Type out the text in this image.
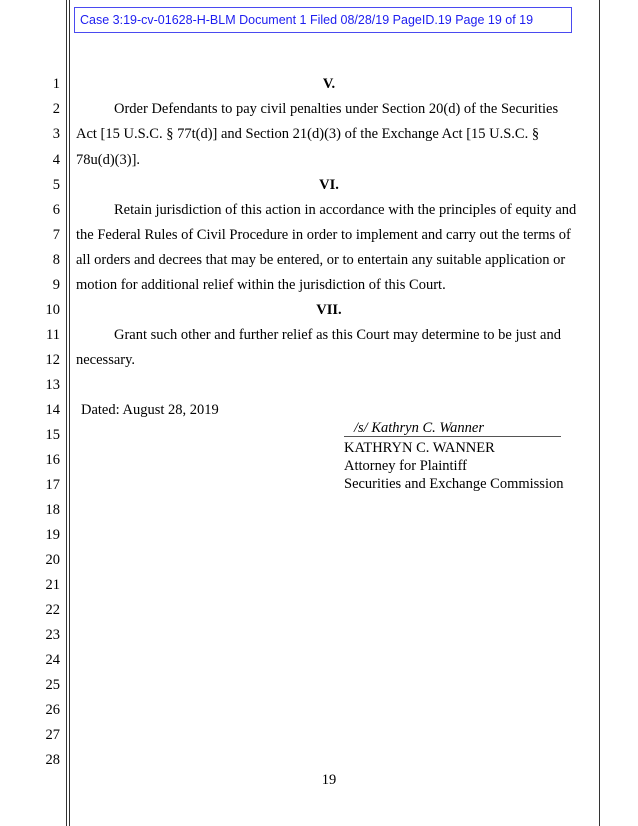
Case 3:19-cv-01628-H-BLM Document 1 Filed 08/28/19 PageID.19 Page 19 of 19
1
2
3
4
5
6
7
8
9
10
11
12
13
14
15
16
17
18
19
20
21
22
23
24
25
26
27
28
V.
Order Defendants to pay civil penalties under Section 20(d) of the Securities
Act [15 U.S.C. § 77t(d)] and Section 21(d)(3) of the Exchange Act [15 U.S.C. §
78u(d)(3)].
VI.
Retain jurisdiction of this action in accordance with the principles of equity and
the Federal Rules of Civil Procedure in order to implement and carry out the terms of
all orders and decrees that may be entered, or to entertain any suitable application or
motion for additional relief within the jurisdiction of this Court.
VII.
Grant such other and further relief as this Court may determine to be just and
necessary.
Dated: August 28, 2019
/s/ Kathryn C. Wanner
KATHRYN C. WANNER
Attorney for Plaintiff
Securities and Exchange Commission
19
